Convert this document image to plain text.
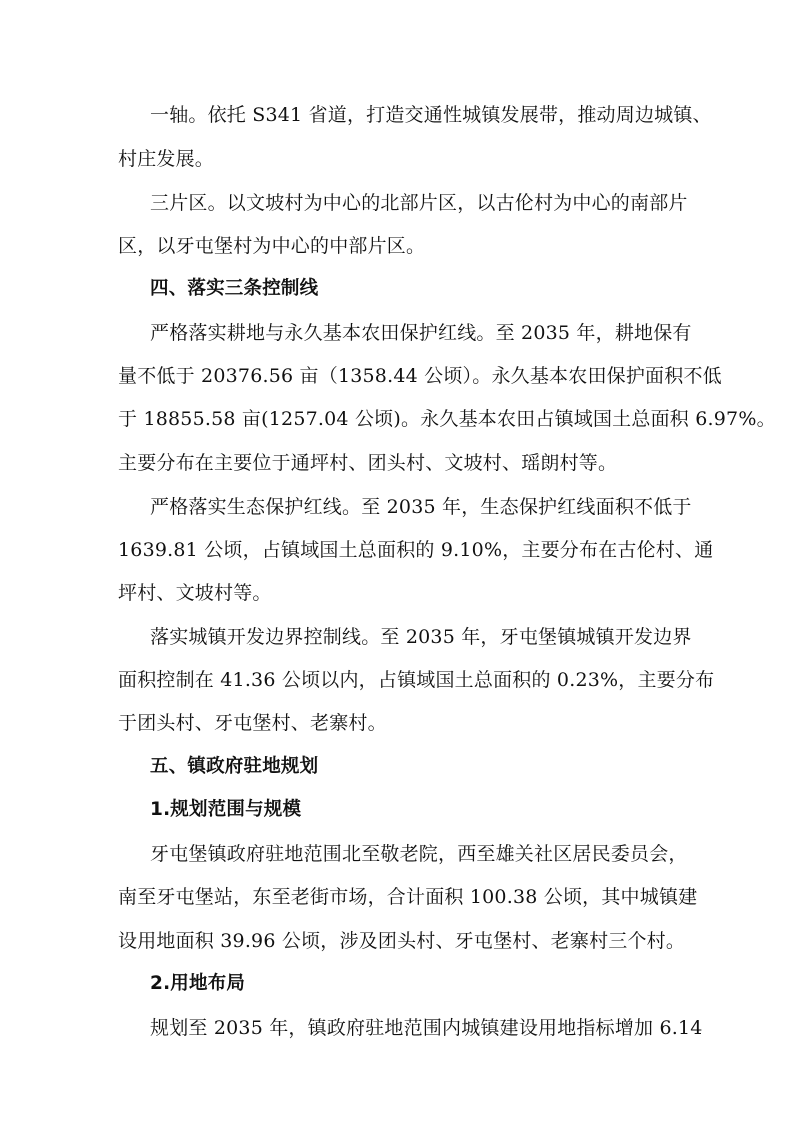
一轴。依托 S341 省道，打造交通性城镇发展带，推动周边城镇、
村庄发展。
三片区。以文坡村为中心的北部片区，以古伦村为中心的南部片
区，以牙屯堡村为中心的中部片区。
四、落实三条控制线
严格落实耕地与永久基本农田保护红线。至 2035 年，耕地保有
量不低于 20376.56 亩（1358.44 公顷）。永久基本农田保护面积不低
于 18855.58 亩(1257.04 公顷)。永久基本农田占镇域国土总面积 6.97%。
主要分布在主要位于通坪村、团头村、文坡村、瑶朗村等。
严格落实生态保护红线。至 2035 年，生态保护红线面积不低于
1639.81 公顷，占镇域国土总面积的 9.10%，主要分布在古伦村、通
坪村、文坡村等。
落实城镇开发边界控制线。至 2035 年，牙屯堡镇城镇开发边界
面积控制在 41.36 公顷以内，占镇域国土总面积的 0.23%，主要分布
于团头村、牙屯堡村、老寨村。
五、镇政府驻地规划
1.规划范围与规模
牙屯堡镇政府驻地范围北至敬老院，西至雄关社区居民委员会，
南至牙屯堡站，东至老街市场，合计面积 100.38 公顷，其中城镇建
设用地面积 39.96 公顷，涉及团头村、牙屯堡村、老寨村三个村。
2.用地布局
规划至 2035 年，镇政府驻地范围内城镇建设用地指标增加 6.14
